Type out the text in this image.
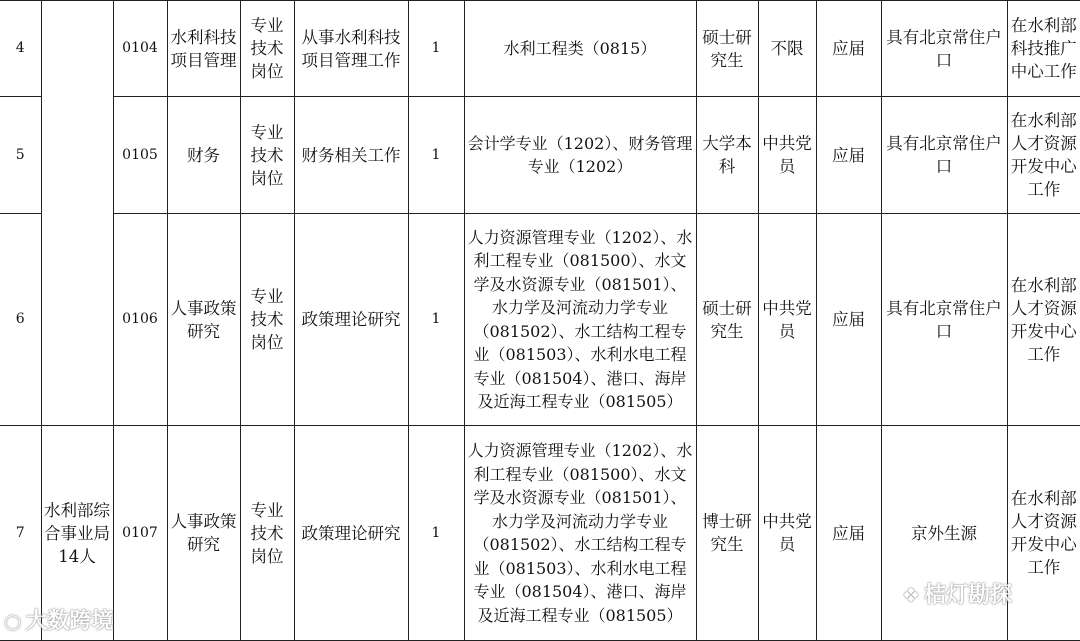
4		0104	水利科技项目管理	专业技术岗位	从事水利科技项目管理工作	1	水利工程类（0815）	硕士研究生	不限	应届	具有北京常住户口	在水利部科技推广中心工作
5		0105	财务	专业技术岗位	财务相关工作	1	会计学专业（1202）、财务管理专业（1202）	大学本科	中共党员	应届	具有北京常住户口	在水利部人才资源开发中心工作
6		0106	人事政策研究	专业技术岗位	政策理论研究	1	人力资源管理专业（1202）、水利工程专业（081500）、水文学及水资源专业（081501）、水力学及河流动力学专业（081502）、水工结构工程专业（081503）、水利水电工程专业（081504）、港口、海岸及近海工程专业（081505）	硕士研究生	中共党员	应届	具有北京常住户口	在水利部人才资源开发中心工作
7	水利部综合事业局14人	0107	人事政策研究	专业技术岗位	政策理论研究	1	人力资源管理专业（1202）、水利工程专业（081500）、水文学及水资源专业（081501）、水力学及河流动力学专业（081502）、水工结构工程专业（081503）、水利水电工程专业（081504）、港口、海岸及近海工程专业（081505）	博士研究生	中共党员	应届	京外生源	在水利部人才资源开发中心工作
○ 大数跨境
❖ 桔灯勘探
